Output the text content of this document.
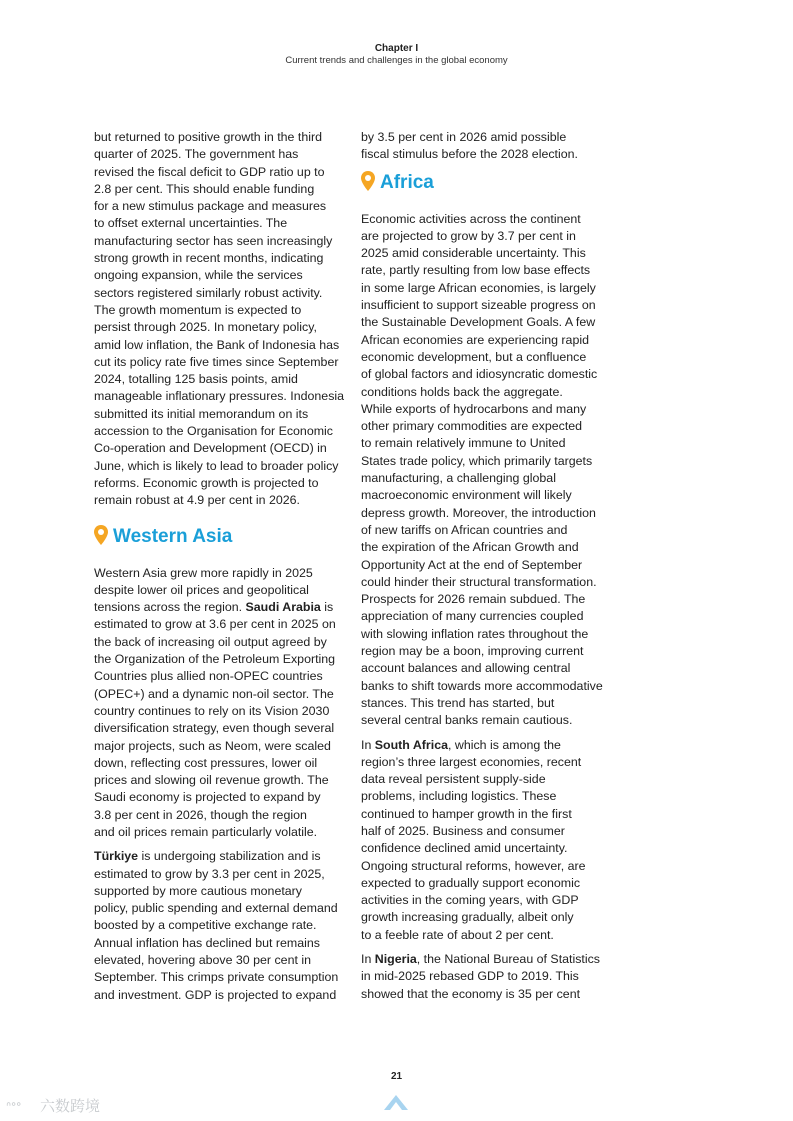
Chapter I
Current trends and challenges in the global economy

but returned to positive growth in the third
quarter of 2025. The government has
revised the fiscal deficit to GDP ratio up to
2.8 per cent. This should enable funding
for a new stimulus package and measures
to offset external uncertainties. The
manufacturing sector has seen increasingly
strong growth in recent months, indicating
ongoing expansion, while the services
sectors registered similarly robust activity.
The growth momentum is expected to
persist through 2025. In monetary policy,
amid low inflation, the Bank of Indonesia has
cut its policy rate five times since September
2024, totalling 125 basis points, amid
manageable inflationary pressures. Indonesia
submitted its initial memorandum on its
accession to the Organisation for Economic
Co-operation and Development (OECD) in
June, which is likely to lead to broader policy
reforms. Economic growth is projected to
remain robust at 4.9 per cent in 2026.

Western Asia

Western Asia grew more rapidly in 2025
despite lower oil prices and geopolitical
tensions across the region. Saudi Arabia is
estimated to grow at 3.6 per cent in 2025 on
the back of increasing oil output agreed by
the Organization of the Petroleum Exporting
Countries plus allied non-OPEC countries
(OPEC+) and a dynamic non-oil sector. The
country continues to rely on its Vision 2030
diversification strategy, even though several
major projects, such as Neom, were scaled
down, reflecting cost pressures, lower oil
prices and slowing oil revenue growth. The
Saudi economy is projected to expand by
3.8 per cent in 2026, though the region
and oil prices remain particularly volatile.

Türkiye is undergoing stabilization and is
estimated to grow by 3.3 per cent in 2025,
supported by more cautious monetary
policy, public spending and external demand
boosted by a competitive exchange rate.
Annual inflation has declined but remains
elevated, hovering above 30 per cent in
September. This crimps private consumption
and investment. GDP is projected to expand

by 3.5 per cent in 2026 amid possible
fiscal stimulus before the 2028 election.

Africa

Economic activities across the continent
are projected to grow by 3.7 per cent in
2025 amid considerable uncertainty. This
rate, partly resulting from low base effects
in some large African economies, is largely
insufficient to support sizeable progress on
the Sustainable Development Goals. A few
African economies are experiencing rapid
economic development, but a confluence
of global factors and idiosyncratic domestic
conditions holds back the aggregate.
While exports of hydrocarbons and many
other primary commodities are expected
to remain relatively immune to United
States trade policy, which primarily targets
manufacturing, a challenging global
macroeconomic environment will likely
depress growth. Moreover, the introduction
of new tariffs on African countries and
the expiration of the African Growth and
Opportunity Act at the end of September
could hinder their structural transformation.
Prospects for 2026 remain subdued. The
appreciation of many currencies coupled
with slowing inflation rates throughout the
region may be a boon, improving current
account balances and allowing central
banks to shift towards more accommodative
stances. This trend has started, but
several central banks remain cautious.

In South Africa, which is among the
region’s three largest economies, recent
data reveal persistent supply-side
problems, including logistics. These
continued to hamper growth in the first
half of 2025. Business and consumer
confidence declined amid uncertainty.
Ongoing structural reforms, however, are
expected to gradually support economic
activities in the coming years, with GDP
growth increasing gradually, albeit only
to a feeble rate of about 2 per cent.

In Nigeria, the National Bureau of Statistics
in mid-2025 rebased GDP to 2019. This
showed that the economy is 35 per cent

21
ᐢᐤᐤ 六数跨境
